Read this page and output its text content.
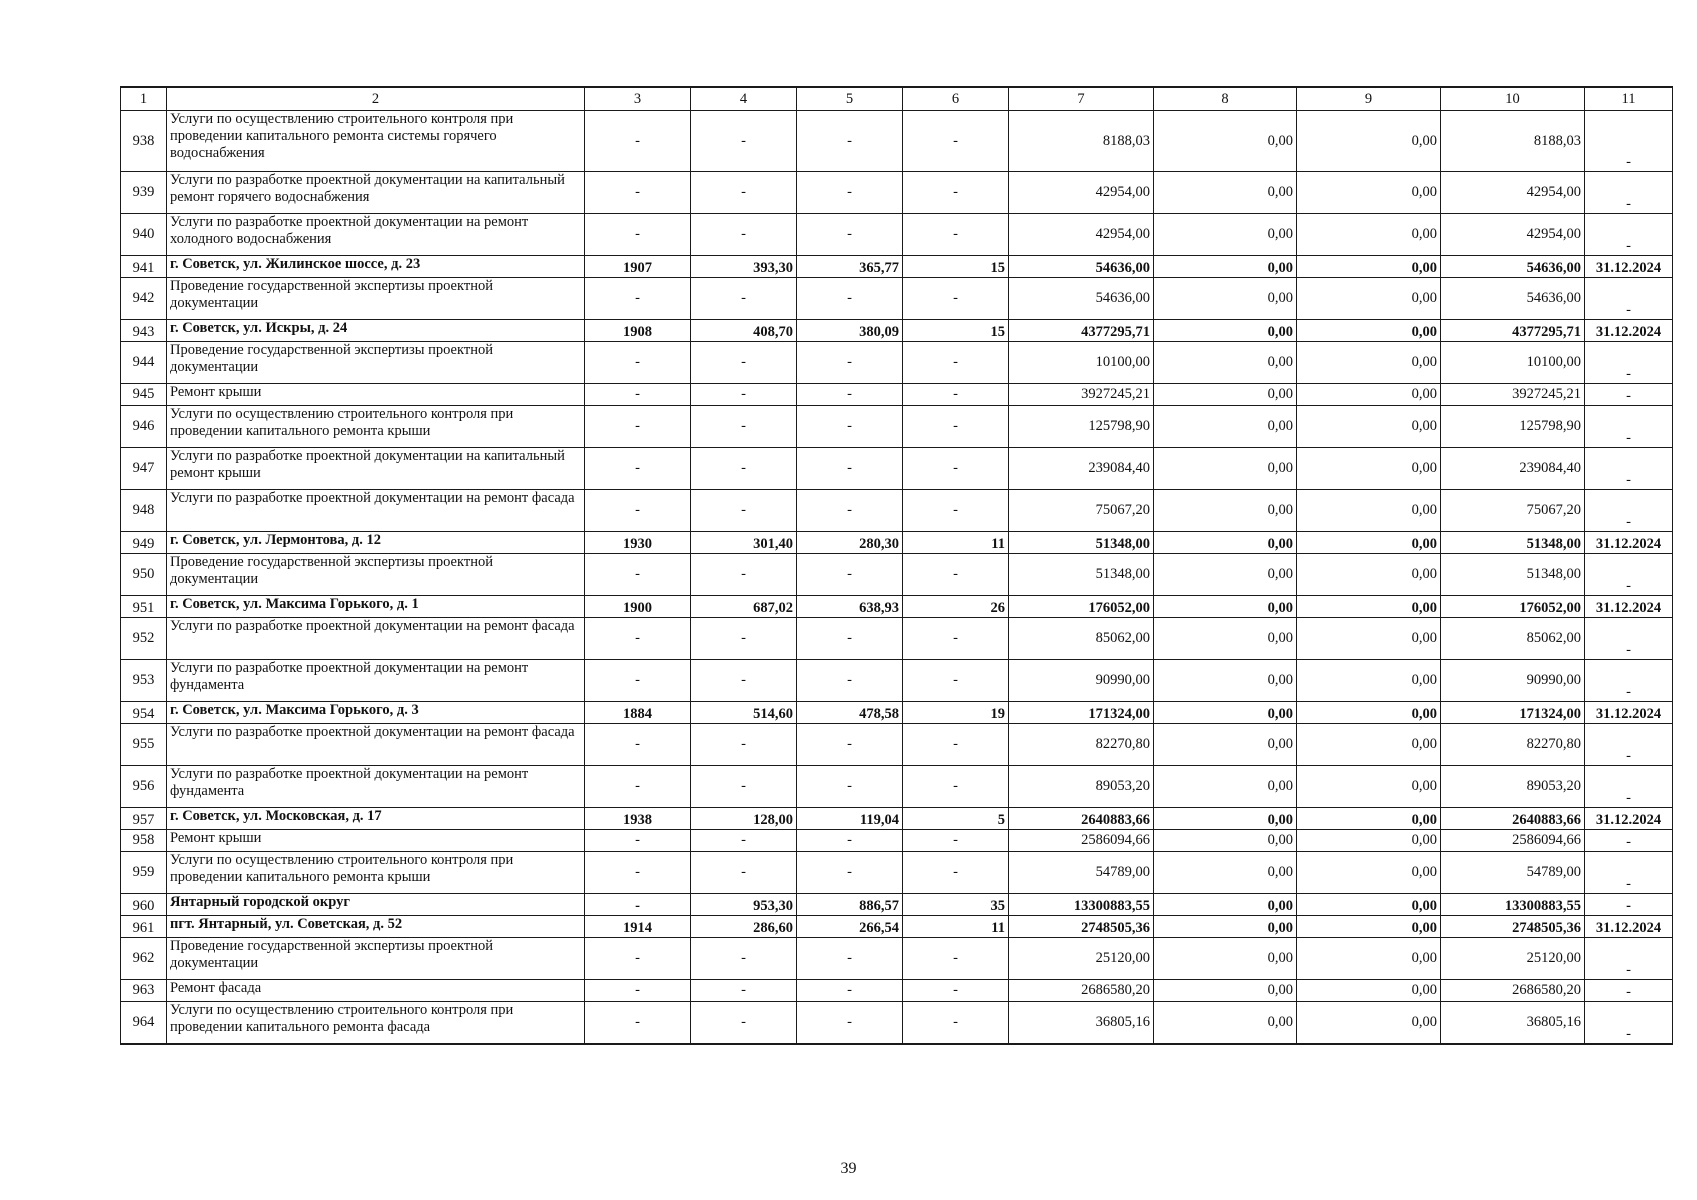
1	2	3	4	5	6	7	8	9	10	11
938	Услуги по осуществлению строительного контроля при проведении капитального ремонта системы горячего водоснабжения	-	-	-	-	8188,03	0,00	0,00	8188,03	-
939	Услуги по разработке проектной документации на капитальный ремонт горячего водоснабжения	-	-	-	-	42954,00	0,00	0,00	42954,00	-
940	Услуги по разработке проектной документации на ремонт холодного водоснабжения	-	-	-	-	42954,00	0,00	0,00	42954,00	-
941	г. Советск, ул. Жилинское шоссе, д. 23	1907	393,30	365,77	15	54636,00	0,00	0,00	54636,00	31.12.2024
942	Проведение государственной экспертизы проектной документации	-	-	-	-	54636,00	0,00	0,00	54636,00	-
943	г. Советск, ул. Искры, д. 24	1908	408,70	380,09	15	4377295,71	0,00	0,00	4377295,71	31.12.2024
944	Проведение государственной экспертизы проектной документации	-	-	-	-	10100,00	0,00	0,00	10100,00	-
945	Ремонт крыши	-	-	-	-	3927245,21	0,00	0,00	3927245,21	-
946	Услуги по осуществлению строительного контроля при проведении капитального ремонта крыши	-	-	-	-	125798,90	0,00	0,00	125798,90	-
947	Услуги по разработке проектной документации на капитальный ремонт крыши	-	-	-	-	239084,40	0,00	0,00	239084,40	-
948	Услуги по разработке проектной документации на ремонт фасада	-	-	-	-	75067,20	0,00	0,00	75067,20	-
949	г. Советск, ул. Лермонтова, д. 12	1930	301,40	280,30	11	51348,00	0,00	0,00	51348,00	31.12.2024
950	Проведение государственной экспертизы проектной документации	-	-	-	-	51348,00	0,00	0,00	51348,00	-
951	г. Советск, ул. Максима Горького, д. 1	1900	687,02	638,93	26	176052,00	0,00	0,00	176052,00	31.12.2024
952	Услуги по разработке проектной документации на ремонт фасада	-	-	-	-	85062,00	0,00	0,00	85062,00	-
953	Услуги по разработке проектной документации на ремонт фундамента	-	-	-	-	90990,00	0,00	0,00	90990,00	-
954	г. Советск, ул. Максима Горького, д. 3	1884	514,60	478,58	19	171324,00	0,00	0,00	171324,00	31.12.2024
955	Услуги по разработке проектной документации на ремонт фасада	-	-	-	-	82270,80	0,00	0,00	82270,80	-
956	Услуги по разработке проектной документации на ремонт фундамента	-	-	-	-	89053,20	0,00	0,00	89053,20	-
957	г. Советск, ул. Московская, д. 17	1938	128,00	119,04	5	2640883,66	0,00	0,00	2640883,66	31.12.2024
958	Ремонт крыши	-	-	-	-	2586094,66	0,00	0,00	2586094,66	-
959	Услуги по осуществлению строительного контроля при проведении капитального ремонта крыши	-	-	-	-	54789,00	0,00	0,00	54789,00	-
960	Янтарный городской округ	-	953,30	886,57	35	13300883,55	0,00	0,00	13300883,55	-
961	пгт. Янтарный, ул. Советская, д. 52	1914	286,60	266,54	11	2748505,36	0,00	0,00	2748505,36	31.12.2024
962	Проведение государственной экспертизы проектной документации	-	-	-	-	25120,00	0,00	0,00	25120,00	-
963	Ремонт фасада	-	-	-	-	2686580,20	0,00	0,00	2686580,20	-
964	Услуги по осуществлению строительного контроля при проведении капитального ремонта фасада	-	-	-	-	36805,16	0,00	0,00	36805,16	-
39
